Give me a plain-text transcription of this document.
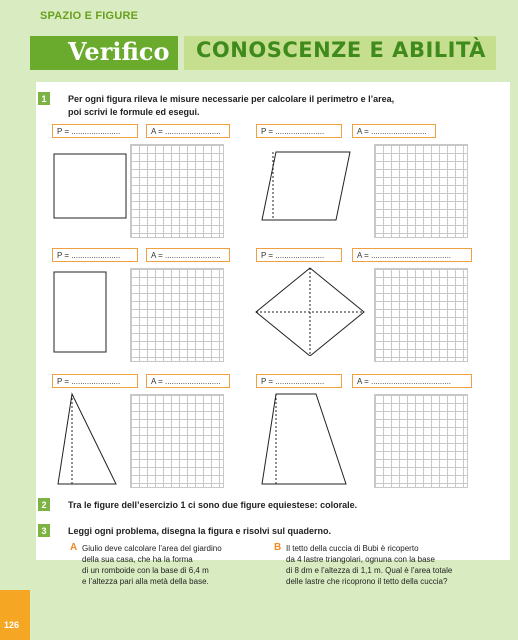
SPAZIO E FIGURE
Verifico CONOSCENZE E ABILITÀ
1	Per ogni figura rileva le misure necessarie per calcolare il perimetro e l’area,
poi scrivi le formule ed esegui.
P = ......................	A = .........................	P = ......................	A = .........................
P = ......................	A = .........................	P = ......................	A = ....................................
P = ......................	A = .........................	P = ......................	A = ....................................
2	Tra le figure dell’esercizio 1 ci sono due figure equiestese: colorale.
3	Leggi ogni problema, disegna la figura e risolvi sul quaderno.
A Giulio deve calcolare l’area del giardino
della sua casa, che ha la forma
di un romboide con la base di 6,4 m
e l’altezza pari alla metà della base.
B Il tetto della cuccia di Bubi è ricoperto
da 4 lastre triangolari, ognuna con la base
di 8 dm e l’altezza di 1,1 m. Qual è l’area totale
delle lastre che ricoprono il tetto della cuccia?
126
